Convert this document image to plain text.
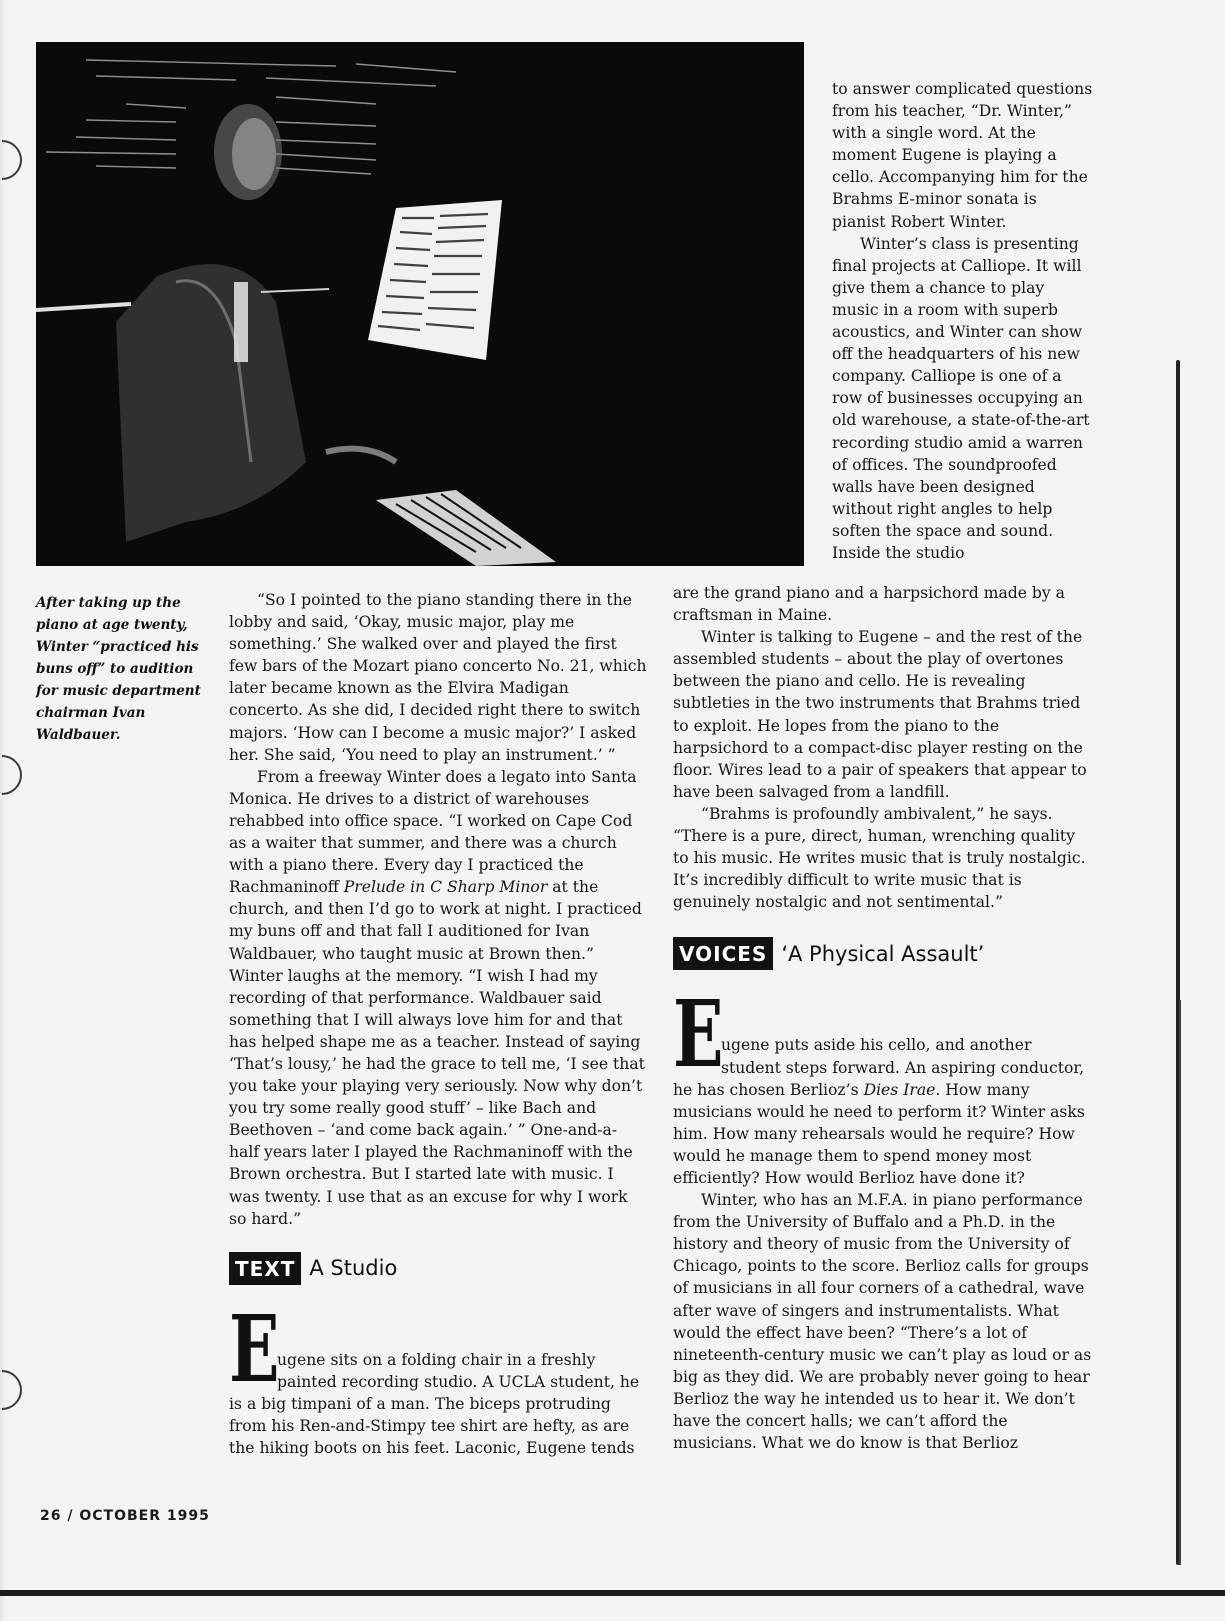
After taking up the piano at age twenty, Winter “practiced his buns off” to audition for music department chairman Ivan Waldbauer.

to answer complicated questions from his teacher, “Dr. Winter,” with a single word. At the moment Eugene is playing a cello. Accompanying him for the Brahms E-minor sonata is pianist Robert Winter.

Winter’s class is presenting final projects at Calliope. It will give them a chance to play music in a room with superb acoustics, and Winter can show off the headquarters of his new company. Calliope is one of a row of businesses occupying an old warehouse, a state-of-the-art recording studio amid a warren of offices. The soundproofed walls have been designed without right angles to help soften the space and sound. Inside the studio

“So I pointed to the piano standing there in the lobby and said, ‘Okay, music major, play me something.’ She walked over and played the first few bars of the Mozart piano concerto No. 21, which later became known as the Elvira Madigan concerto. As she did, I decided right there to switch majors. ‘How can I become a music major?’ I asked her. She said, ‘You need to play an instrument.’ ”

From a freeway Winter does a legato into Santa Monica. He drives to a district of warehouses rehabbed into office space. “I worked on Cape Cod as a waiter that summer, and there was a church with a piano there. Every day I practiced the Rachmaninoff Prelude in C Sharp Minor at the church, and then I’d go to work at night. I practiced my buns off and that fall I auditioned for Ivan Waldbauer, who taught music at Brown then.” Winter laughs at the memory. “I wish I had my recording of that performance. Waldbauer said something that I will always love him for and that has helped shape me as a teacher. Instead of saying ‘That’s lousy,’ he had the grace to tell me, ‘I see that you take your playing very seriously. Now why don’t you try some really good stuff’ – like Bach and Beethoven – ‘and come back again.’ ” One-and-a-half years later I played the Rachmaninoff with the Brown orchestra. But I started late with music. I was twenty. I use that as an excuse for why I work so hard.”

TEXT A Studio

E
ugene sits on a folding chair in a freshly painted recording studio. A UCLA student, he is a big timpani of a man. The biceps protruding from his Ren-and-Stimpy tee shirt are hefty, as are the hiking boots on his feet. Laconic, Eugene tends

are the grand piano and a harpsichord made by a craftsman in Maine.

Winter is talking to Eugene – and the rest of the assembled students – about the play of overtones between the piano and cello. He is revealing subtleties in the two instruments that Brahms tried to exploit. He lopes from the piano to the harpsichord to a compact-disc player resting on the floor. Wires lead to a pair of speakers that appear to have been salvaged from a landfill.

“Brahms is profoundly ambivalent,” he says. “There is a pure, direct, human, wrenching quality to his music. He writes music that is truly nostalgic. It’s incredibly difficult to write music that is genuinely nostalgic and not sentimental.”

VOICES ‘A Physical Assault’

E
ugene puts aside his cello, and another student steps forward. An aspiring conductor, he has chosen Berlioz’s Dies Irae. How many musicians would he need to perform it? Winter asks him. How many rehearsals would he require? How would he manage them to spend money most efficiently? How would Berlioz have done it?

Winter, who has an M.F.A. in piano performance from the University of Buffalo and a Ph.D. in the history and theory of music from the University of Chicago, points to the score. Berlioz calls for groups of musicians in all four corners of a cathedral, wave after wave of singers and instrumentalists. What would the effect have been? “There’s a lot of nineteenth-century music we can’t play as loud or as big as they did. We are probably never going to hear Berlioz the way he intended us to hear it. We don’t have the concert halls; we can’t afford the musicians. What we do know is that Berlioz

26 / OCTOBER 1995
